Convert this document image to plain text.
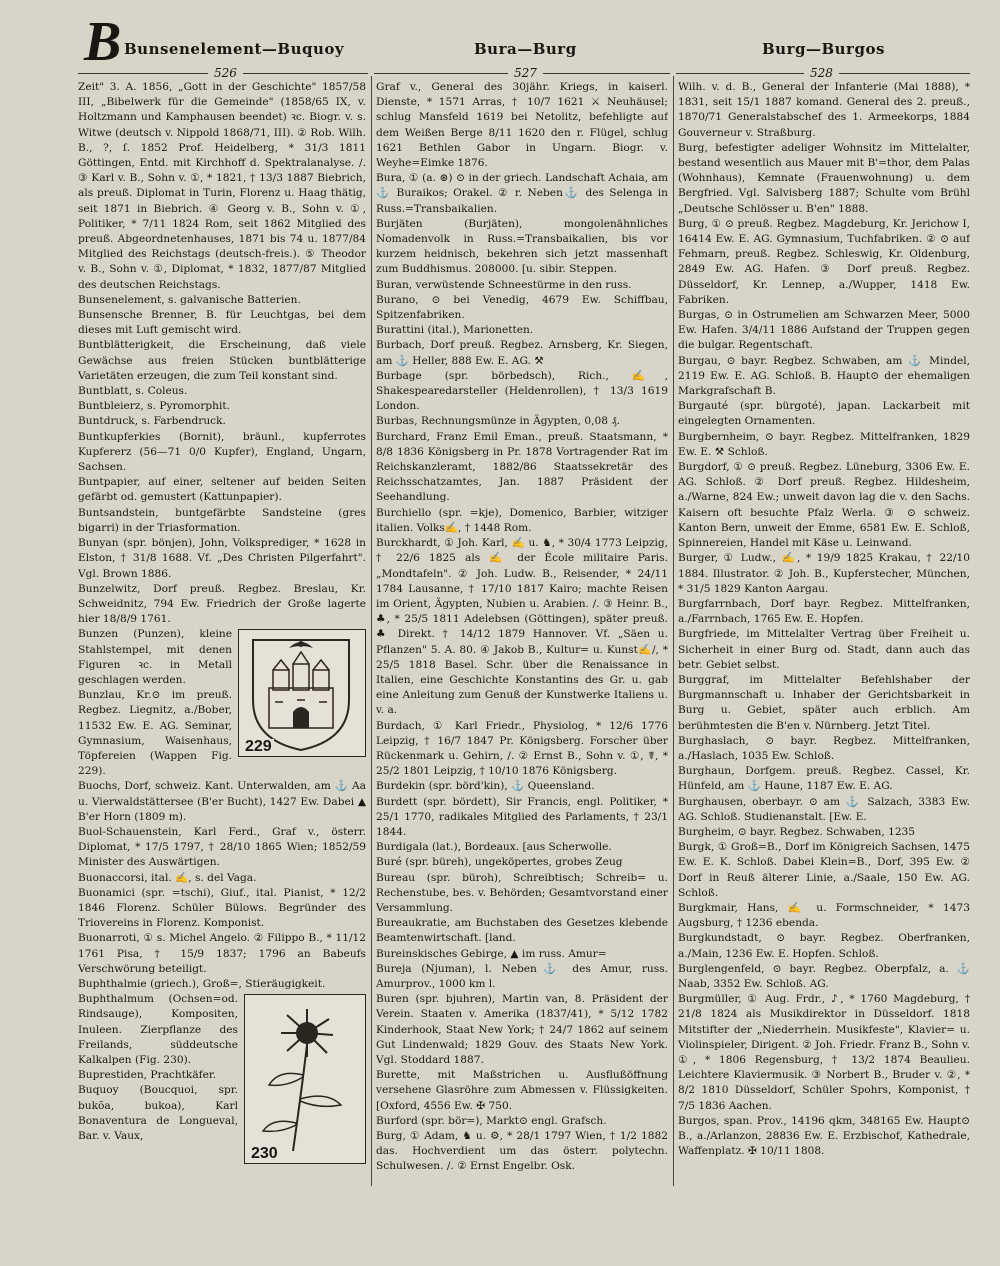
B Bunsenelement—Buquoy	Bura—Burg	Burg—Burgos
526	527	528

Zeit" 3. A. 1856, „Gott in der Geschichte" 1857/58 III, „Bibelwerk für die Gemeinde" (1858/65 IX, v. Holtzmann und Kamphausen beendet) ꝛc. Biogr. v. s. Witwe (deutsch v. Nippold 1868/71, III). ② Rob. Wilh. B., ?, ſ. 1852 Prof. Heidelberg, * 31/3 1811 Göttingen, Entd. mit Kirchhoff d. Spektralanalyse. /. ③ Karl v. B., Sohn v. ①, * 1821, † 13/3 1887 Biebrich, als preuß. Diplomat in Turin, Florenz u. Haag thätig, seit 1871 in Biebrich. ④ Georg v. B., Sohn v. ①, Politiker, * 7/11 1824 Rom, seit 1862 Mitglied des preuß. Abgeordnetenhauses, 1871 bis 74 u. 1877/84 Mitglied des Reichstags (deutsch-freis.). ⑤ Theodor v. B., Sohn v. ①, Diplomat, * 1832, 1877/87 Mitglied des deutschen Reichstags.

Bunsenelement, s. galvanische Batterien.

Bunsensche Brenner, B. für Leuchtgas, bei dem dieses mit Luft gemischt wird.

Buntblätterigkeit, die Erscheinung, daß viele Gewächse aus freien Stücken buntblätterige Varietäten erzeugen, die zum Teil konstant sind.

Buntblatt, s. Coleus.

Buntbleierz, s. Pyromorphit.

Buntdruck, s. Farbendruck.

Buntkupferkies (Bornit), bräunl., kupferrotes Kupfererz (56—71 0/0 Kupfer), England, Ungarn, Sachsen.

Buntpapier, auf einer, seltener auf beiden Seiten gefärbt od. gemustert (Kattunpapier).

Buntsandstein, buntgefärbte Sandsteine (gres bigarri) in der Triasformation.

Bunyan (spr. bönjen), John, Volksprediger, * 1628 in Elston, † 31/8 1688. Vf. „Des Christen Pilgerfahrt". Vgl. Brown 1886.

Bunzelwitz, Dorf preuß. Regbez. Breslau, Kr. Schweidnitz, 794 Ew. Friedrich der Große lagerte hier 18/8/9 1761.

229

Bunzen (Punzen), kleine Stahlstempel, mit denen Figuren ꝛc. in Metall geschlagen werden.

Bunzlau, Kr.⊙ im preuß. Regbez. Liegnitz, a./Bober, 11532 Ew. E. AG. Seminar, Gymnasium, Waisenhaus, Töpfereien (Wappen Fig. 229).

Buochs, Dorf, schweiz. Kant. Unterwalden, am ⚓ Aa u. Vierwaldstättersee (B'er Bucht), 1427 Ew. Dabei ▲ B'er Horn (1809 m).

Buol-Schauenstein, Karl Ferd., Graf v., österr. Diplomat, * 17/5 1797, † 28/10 1865 Wien; 1852/59 Minister des Auswärtigen.

Buonaccorsi, ital. ✍, s. del Vaga.

Buonamici (spr. =tschi), Giuf., ital. Pianist, * 12/2 1846 Florenz. Schüler Bülows. Begründer des Triovereins in Florenz. Komponist.

Buonarroti, ① s. Michel Angelo. ② Filippo B., * 11/12 1761 Pisa, † 15/9 1837; 1796 an Babeufs Verschwörung beteiligt.

Buphthalmie (griech.), Groß=, Stieräugigkeit.

230

Buphthalmum (Ochsen=od. Rindsauge), Kompositen, Inuleen. Zierpflanze des Freilands, süddeutsche Kalkalpen (Fig. 230).

Buprestiden, Prachtkäfer.

Buquoy (Boucquoi, spr. bukõa, bukoa), Karl Bonaventura de Longueval, Bar. v. Vaux,

Graf v., General des 30jähr. Kriegs, in kaiserl. Dienste, * 1571 Arras, † 10/7 1621 ⚔ Neuhäusel; schlug Mansfeld 1619 bei Netolitz, befehligte auf dem Weißen Berge 8/11 1620 den r. Flügel, schlug 1621 Bethlen Gabor in Ungarn. Biogr. v. Weyhe=Eimke 1876.

Bura, ① (a. ⊛) ⊙ in der griech. Landschaft Achaia, am ⚓ Buraikos; Orakel. ② r. Neben⚓ des Selenga in Russ.=Transbaikalien.

Burjäten (Burjäten), mongolenähnliches Nomadenvolk in Russ.=Transbaikalien, bis vor kurzem heidnisch, bekehren sich jetzt massenhaft zum Buddhismus. 208000. [u. sibir. Steppen.

Buran, verwüstende Schneestürme in den russ.

Burano, ⊙ bei Venedig, 4679 Ew. Schiffbau, Spitzenfabriken.

Burattini (ital.), Marionetten.

Burbach, Dorf preuß. Regbez. Arnsberg, Kr. Siegen, am ⚓ Heller, 888 Ew. E. AG. ⚒

Burbage (spr. börbedsch), Rich., ✍, Shakespearedarsteller (Heldenrollen), † 13/3 1619 London.

Burbas, Rechnungsmünze in Ägypten, 0,08 ₰.

Burchard, Franz Emil Eman., preuß. Staatsmann, * 8/8 1836 Königsberg in Pr. 1878 Vortragender Rat im Reichskanzleramt, 1882/86 Staatssekretär des Reichsschatzamtes, Jan. 1887 Präsident der Seehandlung.

Burchiello (spr. =kje), Domenico, Barbier, witziger italien. Volks✍, † 1448 Rom.

Burckhardt, ① Joh. Karl, ✍ u. ♞, * 30/4 1773 Leipzig, † 22/6 1825 als ✍ der École militaire Paris. „Mondtafeln". ② Joh. Ludw. B., Reisender, * 24/11 1784 Lausanne, † 17/10 1817 Kairo; machte Reisen im Orient, Ägypten, Nubien u. Arabien. /. ③ Heinr. B., ♣, * 25/5 1811 Adelebsen (Göttingen), später preuß. ♣ Direkt. † 14/12 1879 Hannover. Vf. „Säen u. Pflanzen" 5. A. 80. ④ Jakob B., Kultur= u. Kunst✍/, * 25/5 1818 Basel. Schr. über die Renaissance in Italien, eine Geschichte Konstantins des Gr. u. gab eine Anleitung zum Genuß der Kunstwerke Italiens u. v. a.

Burdach, ① Karl Friedr., Physiolog, * 12/6 1776 Leipzig, † 16/7 1847 Pr. Königsberg. Forscher über Rückenmark u. Gehirn, /. ② Ernst B., Sohn v. ①, ☤, * 25/2 1801 Leipzig, † 10/10 1876 Königsberg.

Burdekin (spr. börd'kin), ⚓ Queensland.

Burdett (spr. bördett), Sir Francis, engl. Politiker, * 25/1 1770, radikales Mitglied des Parlaments, † 23/1 1844.

Burdigala (lat.), Bordeaux. [aus Scherwolle.

Buré (spr. büreh), ungeköpertes, grobes Zeug

Bureau (spr. büroh), Schreibtisch; Schreib= u. Rechenstube, bes. v. Behörden; Gesamtvorstand einer Versammlung.

Bureaukratie, am Buchstaben des Gesetzes klebende Beamtenwirtschaft. [land.

Bureinskisches Gebirge, ▲ im russ. Amur=

Bureja (Njuman), l. Neben⚓ des Amur, russ. Amurprov., 1000 km l.

Buren (spr. bjuhren), Martin van, 8. Präsident der Verein. Staaten v. Amerika (1837/41), * 5/12 1782 Kinderhook, Staat New York; † 24/7 1862 auf seinem Gut Lindenwald; 1829 Gouv. des Staats New York. Vgl. Stoddard 1887.

Burette, mit Maßstrichen u. Ausflußöffnung versehene Glasröhre zum Abmessen v. Flüssigkeiten. [Oxford, 4556 Ew. ✠ 750.

Burford (spr. bör=), Markt⊙ engl. Grafsch.

Burg, ① Adam, ♞ u. ⚙, * 28/1 1797 Wien, † 1/2 1882 das. Hochverdient um das österr. polytechn. Schulwesen. /. ② Ernst Engelbr. Osk.

Wilh. v. d. B., General der Infanterie (Mai 1888), * 1831, seit 15/1 1887 komand. General des 2. preuß., 1870/71 Generalstabschef des 1. Armeekorps, 1884 Gouverneur v. Straßburg.

Burg, befestigter adeliger Wohnsitz im Mittelalter, bestand wesentlich aus Mauer mit B'=thor, dem Palas (Wohnhaus), Kemnate (Frauenwohnung) u. dem Bergfried. Vgl. Salvisberg 1887; Schulte vom Brühl „Deutsche Schlösser u. B'en" 1888.

Burg, ① ⊙ preuß. Regbez. Magdeburg, Kr. Jerichow I, 16414 Ew. E. AG. Gymnasium, Tuchfabriken. ② ⊙ auf Fehmarn, preuß. Regbez. Schleswig, Kr. Oldenburg, 2849 Ew. AG. Hafen. ③ Dorf preuß. Regbez. Düsseldorf, Kr. Lennep, a./Wupper, 1418 Ew. Fabriken.

Burgas, ⊙ in Ostrumelien am Schwarzen Meer, 5000 Ew. Hafen. 3/4/11 1886 Aufstand der Truppen gegen die bulgar. Regentschaft.

Burgau, ⊙ bayr. Regbez. Schwaben, am ⚓ Mindel, 2119 Ew. E. AG. Schloß. B. Haupt⊙ der ehemaligen Markgrafschaft B.

Burgauté (spr. bürgoté), japan. Lackarbeit mit eingelegten Ornamenten.

Burgbernheim, ⊙ bayr. Regbez. Mittelfranken, 1829 Ew. E. ⚒ Schloß.

Burgdorf, ① ⊙ preuß. Regbez. Lüneburg, 3306 Ew. E. AG. Schloß. ② Dorf preuß. Regbez. Hildesheim, a./Warne, 824 Ew.; unweit davon lag die v. den Sachs. Kaisern oft besuchte Pfalz Werla. ③ ⊙ schweiz. Kanton Bern, unweit der Emme, 6581 Ew. E. Schloß, Spinnereien, Handel mit Käse u. Leinwand.

Burger, ① Ludw., ✍, * 19/9 1825 Krakau, † 22/10 1884. Illustrator. ② Joh. B., Kupferstecher, München, * 31/5 1829 Kanton Aargau.

Burgfarrnbach, Dorf bayr. Regbez. Mittelfranken, a./Farrnbach, 1765 Ew. E. Hopfen.

Burgfriede, im Mittelalter Vertrag über Freiheit u. Sicherheit in einer Burg od. Stadt, dann auch das betr. Gebiet selbst.

Burggraf, im Mittelalter Befehlshaber der Burgmannschaft u. Inhaber der Gerichtsbarkeit in Burg u. Gebiet, später auch erblich. Am berühmtesten die B'en v. Nürnberg. Jetzt Titel.

Burghaslach, ⊙ bayr. Regbez. Mittelfranken, a./Haslach, 1035 Ew. Schloß.

Burghaun, Dorfgem. preuß. Regbez. Cassel, Kr. Hünfeld, am ⚓ Haune, 1187 Ew. E. AG.

Burghausen, oberbayr. ⊙ am ⚓ Salzach, 3383 Ew. AG. Schloß. Studienanstalt. [Ew. E.

Burgheim, ⊙ bayr. Regbez. Schwaben, 1235

Burgk, ① Groß=B., Dorf im Königreich Sachsen, 1475 Ew. E. K. Schloß. Dabei Klein=B., Dorf, 395 Ew. ② Dorf in Reuß älterer Linie, a./Saale, 150 Ew. AG. Schloß.

Burgkmair, Hans, ✍ u. Formschneider, * 1473 Augsburg, † 1236 ebenda.

Burgkundstadt, ⊙ bayr. Regbez. Oberfranken, a./Main, 1236 Ew. E. Hopfen. Schloß.

Burglengenfeld, ⊙ bayr. Regbez. Oberpfalz, a. ⚓ Naab, 3352 Ew. Schloß. AG.

Burgmüller, ① Aug. Frdr., ♪, * 1760 Magdeburg, † 21/8 1824 als Musikdirektor in Düsseldorf. 1818 Mitstifter der „Niederrhein. Musikfeste", Klavier= u. Violinspieler, Dirigent. ② Joh. Friedr. Franz B., Sohn v. ①, * 1806 Regensburg, † 13/2 1874 Beaulieu. Leichtere Klaviermusik. ③ Norbert B., Bruder v. ②, * 8/2 1810 Düsseldorf, Schüler Spohrs, Komponist, † 7/5 1836 Aachen.

Burgos, span. Prov., 14196 qkm, 348165 Ew. Haupt⊙ B., a./Arlanzon, 28836 Ew. E. Erzbischof, Kathedrale, Waffenplatz. ✠ 10/11 1808.
